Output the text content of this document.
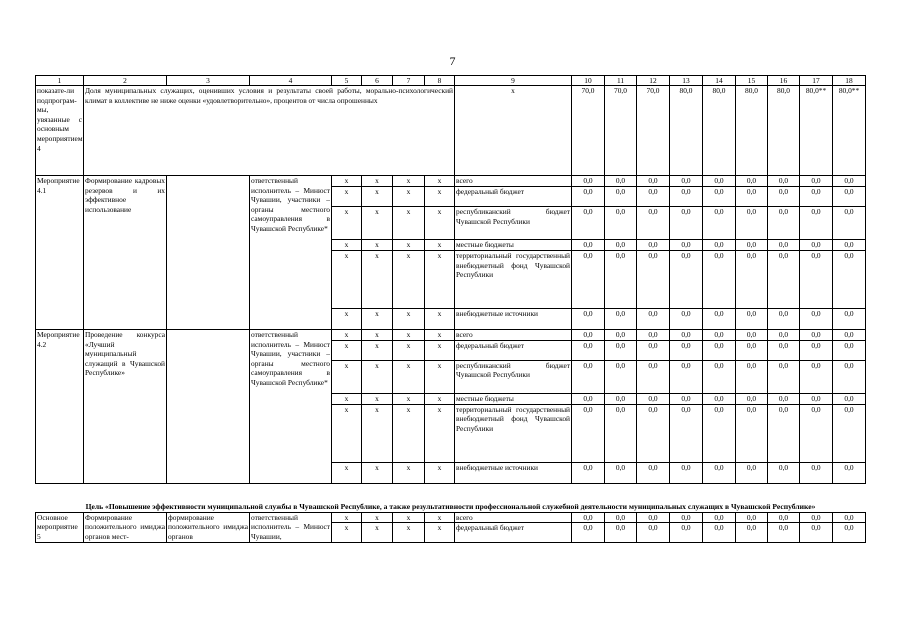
7
1	2	3	4	5	6	7	8	9	10	11	12	13	14	15	16	17	18
показате-ли подпрограм-мы, увязанные с основным мероприятием 4	Доля муниципальных служащих, оценивших условия и результаты своей работы, морально-психологический климат в коллективе не ниже оценки «удовлетворительно», процентов от числа опрошенных							x	70,0	70,0	70,0	80,0	80,0	80,0	80,0	80,0**	80,0**
Мероприятие 4.1	Формирование кадровых резервов и их эффективное использование		ответственный исполнитель – Минюст Чувашии, участники – органы местного самоуправления в Чувашской Республике*	x	x	x	x	всего	0,0	0,0	0,0	0,0	0,0	0,0	0,0	0,0	0,0
				x	x	x	x	федеральный бюджет	0,0	0,0	0,0	0,0	0,0	0,0	0,0	0,0	0,0
				x	x	x	x	республиканский бюджет Чувашской Республики	0,0	0,0	0,0	0,0	0,0	0,0	0,0	0,0	0,0
				x	x	x	x	местные бюджеты	0,0	0,0	0,0	0,0	0,0	0,0	0,0	0,0	0,0
				x	x	x	x	территориальный государственный внебюджетный фонд Чувашской Республики	0,0	0,0	0,0	0,0	0,0	0,0	0,0	0,0	0,0
				x	x	x	x	внебюджетные источники	0,0	0,0	0,0	0,0	0,0	0,0	0,0	0,0	0,0
Мероприятие 4.2	Проведение конкурса «Лучший муниципальный служащий в Чувашской Республике»		ответственный исполнитель – Минюст Чувашии, участники – органы местного самоуправления в Чувашской Республике*	x	x	x	x	всего	0,0	0,0	0,0	0,0	0,0	0,0	0,0	0,0	0,0
				x	x	x	x	федеральный бюджет	0,0	0,0	0,0	0,0	0,0	0,0	0,0	0,0	0,0
				x	x	x	x	республиканский бюджет Чувашской Республики	0,0	0,0	0,0	0,0	0,0	0,0	0,0	0,0	0,0
				x	x	x	x	местные бюджеты	0,0	0,0	0,0	0,0	0,0	0,0	0,0	0,0	0,0
				x	x	x	x	территориальный государственный внебюджетный фонд Чувашской Республики	0,0	0,0	0,0	0,0	0,0	0,0	0,0	0,0	0,0
				x	x	x	x	внебюджетные источники	0,0	0,0	0,0	0,0	0,0	0,0	0,0	0,0	0,0
Цель «Повышение эффективности муниципальной службы в Чувашской Республике, а также результативности профессиональной служебной деятельности муниципальных служащих в Чувашской Республике»																	
Основное мероприятие 5	Формирование положительного имиджа органов мест-	формирование положительного имиджа органов	ответственный исполнитель – Минюст Чувашии,	x	x	x	x	всего	0,0	0,0	0,0	0,0	0,0	0,0	0,0	0,0	0,0
				x	x	x	x	федеральный бюджет	0,0	0,0	0,0	0,0	0,0	0,0	0,0	0,0	0,0
